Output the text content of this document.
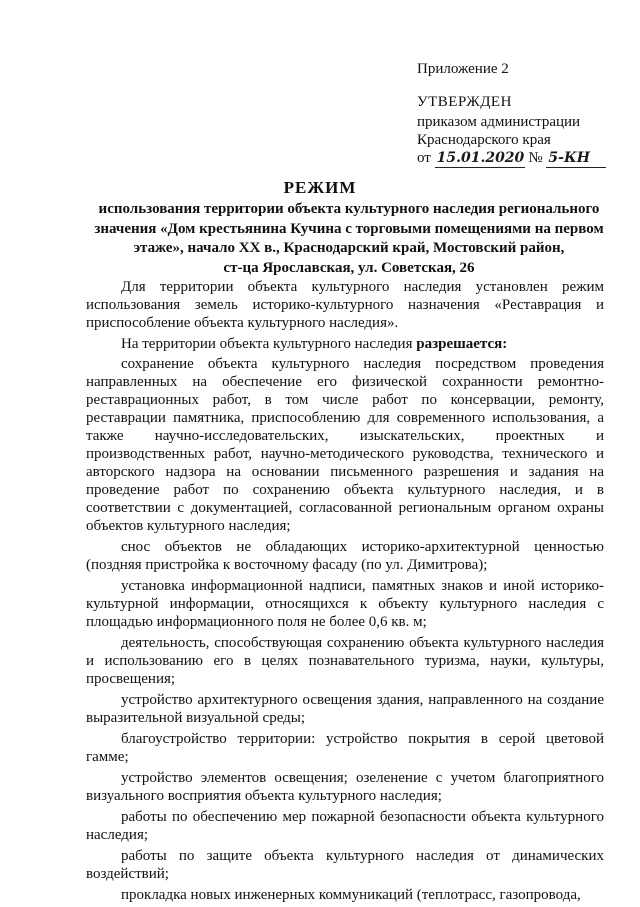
Приложение 2
УТВЕРЖДЕН
приказом администрации
Краснодарского края
от 15.01.2020 № 5-КН
РЕЖИМ
использования территории объекта культурного наследия регионального
значения «Дом крестьянина Кучина с торговыми помещениями на первом
этаже», начало XX в., Краснодарский край, Мостовский район,
ст-ца Ярославская, ул. Советская, 26

Для территории объекта культурного наследия установлен режим использования земель историко-культурного назначения «Реставрация и приспособление объекта культурного наследия».

На территории объекта культурного наследия разрешается:

сохранение объекта культурного наследия посредством проведения направленных на обеспечение его физической сохранности ремонтно-реставрационных работ, в том числе работ по консервации, ремонту, реставрации памятника, приспособлению для современного использования, а также научно-исследовательских, изыскательских, проектных и производственных работ, научно-методического руководства, технического и авторского надзора на основании письменного разрешения и задания на проведение работ по сохранению объекта культурного наследия, и в соответствии с документацией, согласованной региональным органом охраны объектов культурного наследия;

снос объектов не обладающих историко-архитектурной ценностью (поздняя пристройка к восточному фасаду (по ул. Димитрова);

установка информационной надписи, памятных знаков и иной историко-культурной информации, относящихся к объекту культурного наследия с площадью информационного поля не более 0,6 кв. м;

деятельность, способствующая сохранению объекта культурного наследия и использованию его в целях познавательного туризма, науки, культуры, просвещения;

устройство архитектурного освещения здания, направленного на создание выразительной визуальной среды;

благоустройство территории: устройство покрытия в серой цветовой гамме;

устройство элементов освещения; озеленение с учетом благоприятного визуального восприятия объекта культурного наследия;

работы по обеспечению мер пожарной безопасности объекта культурного наследия;

работы по защите объекта культурного наследия от динамических воздействий;

прокладка новых инженерных коммуникаций (теплотрасс, газопровода,
